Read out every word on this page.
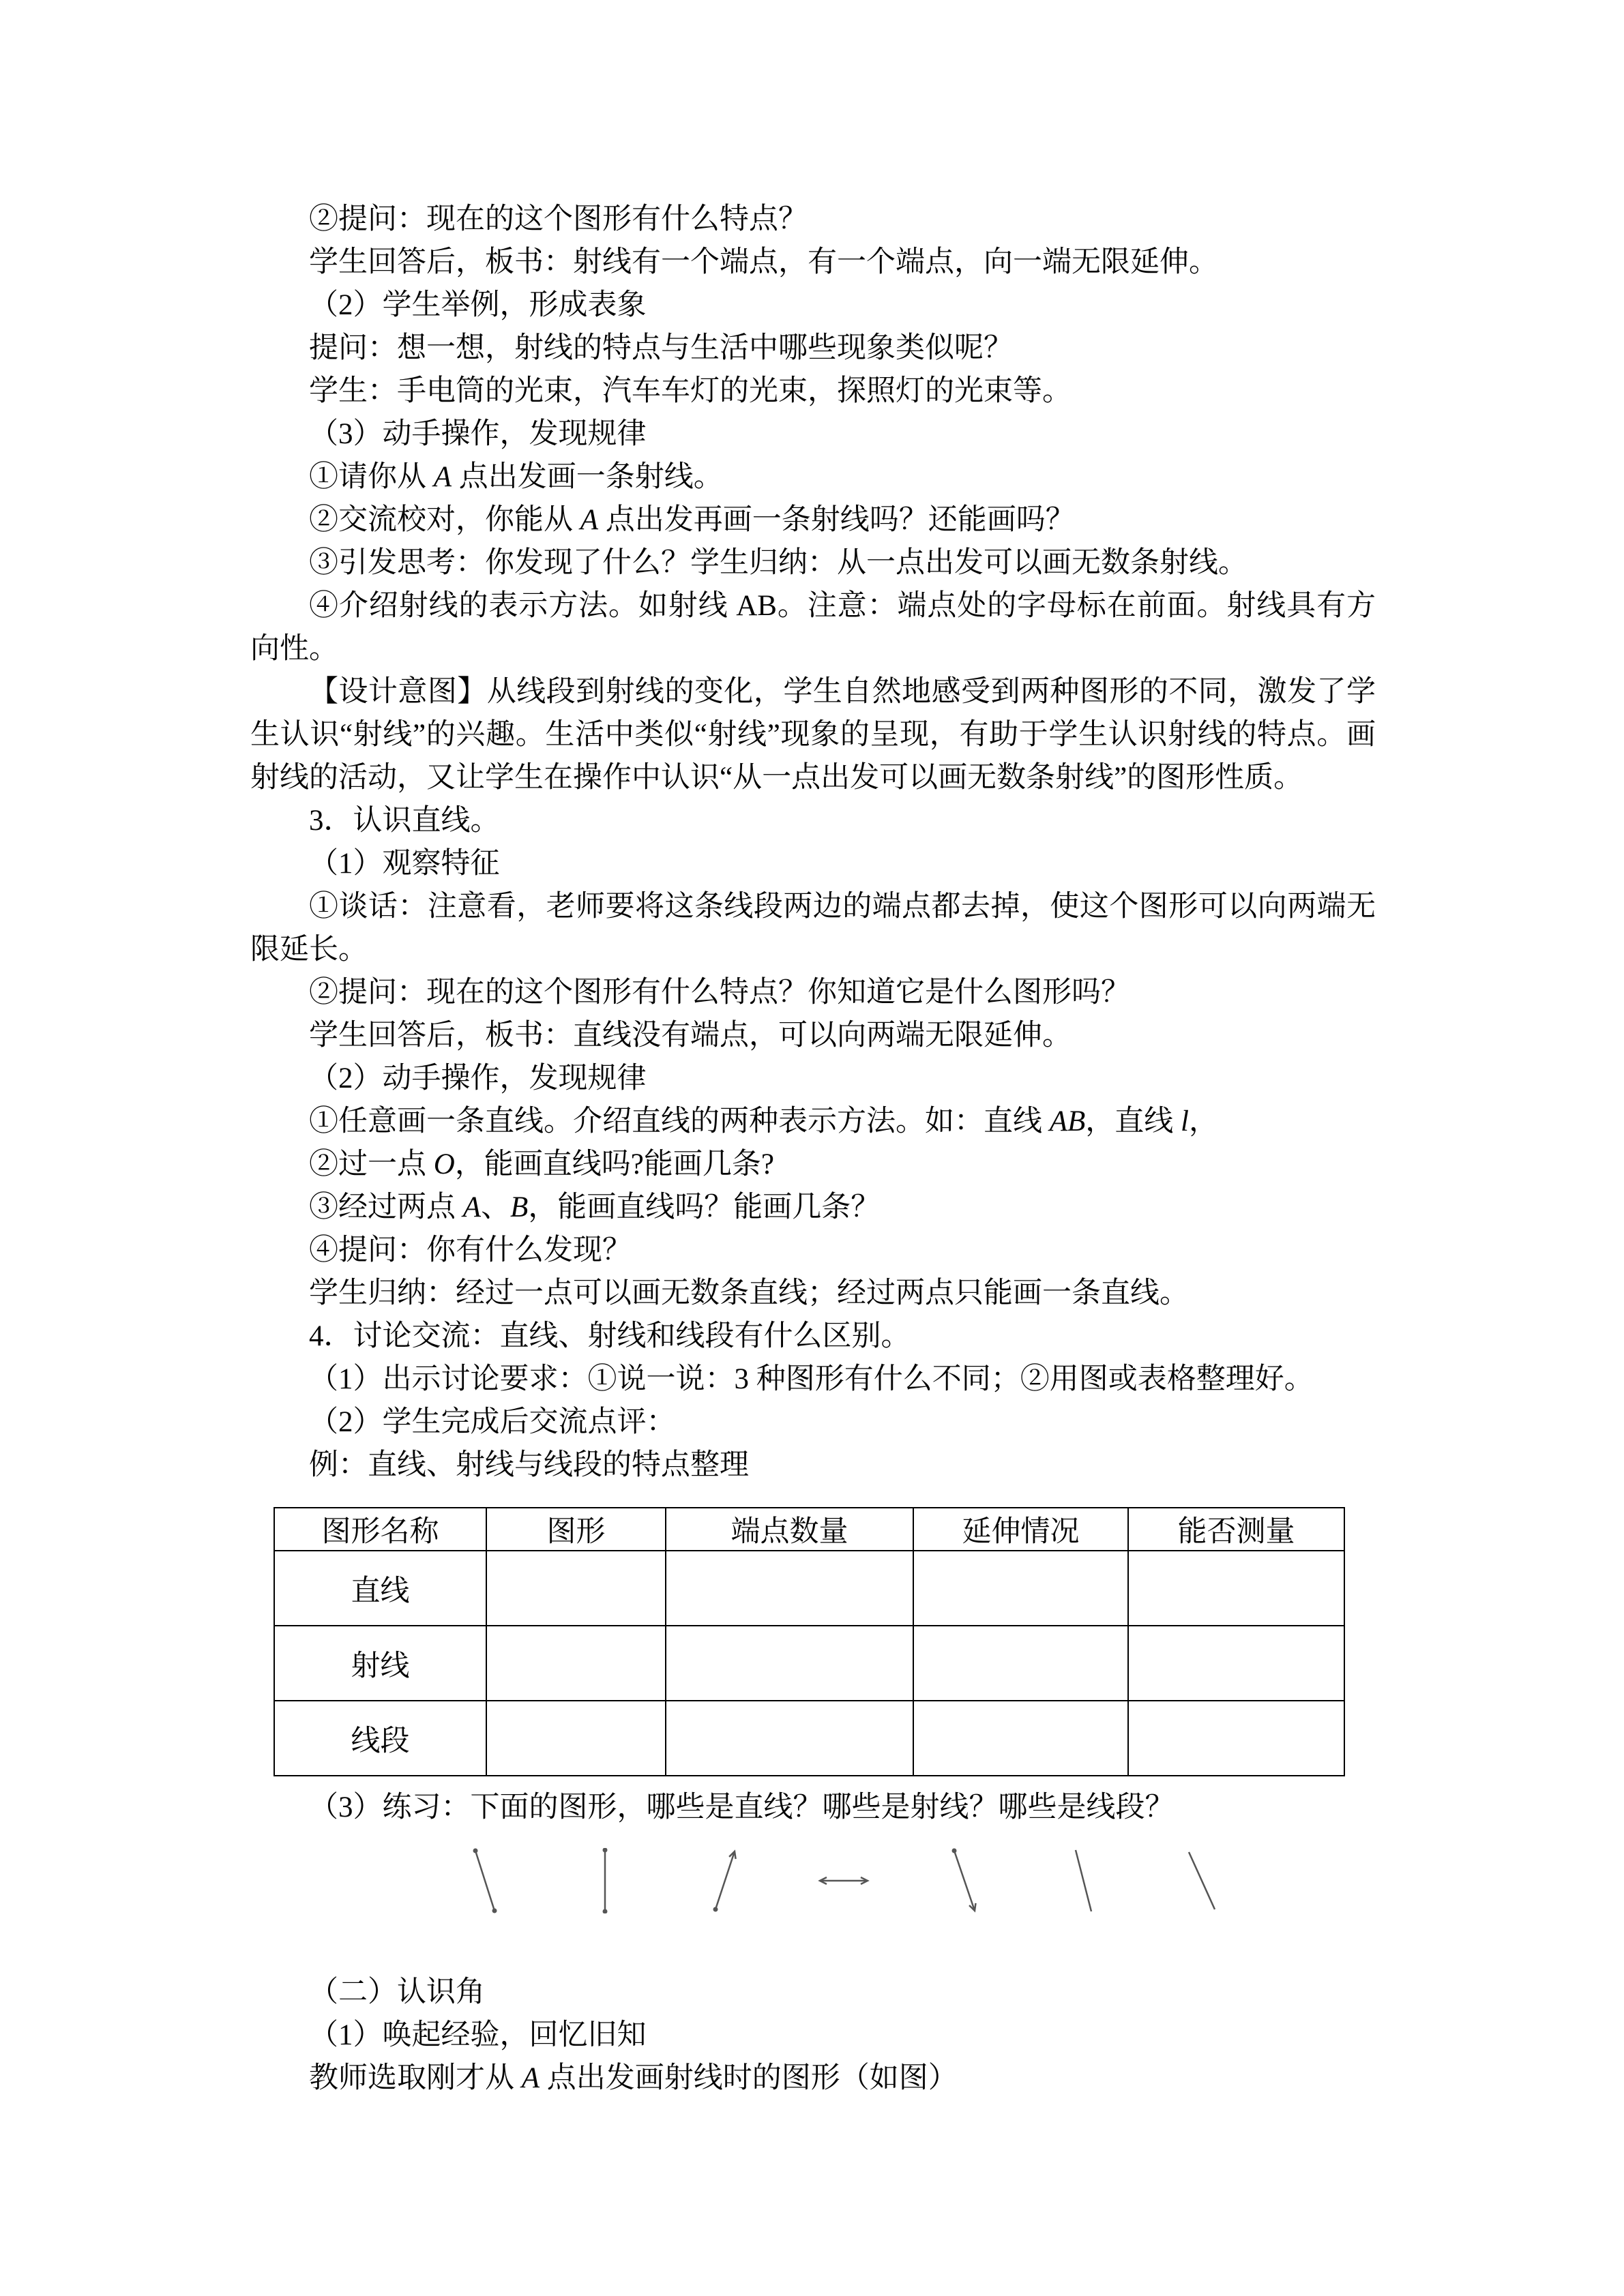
②提问：现在的这个图形有什么特点？

学生回答后，板书：射线有一个端点，有一个端点，向一端无限延伸。

（2）学生举例，形成表象

提问：想一想，射线的特点与生活中哪些现象类似呢？

学生：手电筒的光束，汽车车灯的光束，探照灯的光束等。

（3）动手操作，发现规律

①请你从 A 点出发画一条射线。

②交流校对，你能从 A 点出发再画一条射线吗？还能画吗？

③引发思考：你发现了什么？学生归纳：从一点出发可以画无数条射线。

④介绍射线的表示方法。如射线 AB。注意：端点处的字母标在前面。射线具有方向性。

【设计意图】从线段到射线的变化，学生自然地感受到两种图形的不同，激发了学生认识“射线”的兴趣。生活中类似“射线”现象的呈现，有助于学生认识射线的特点。画射线的活动，又让学生在操作中认识“从一点出发可以画无数条射线”的图形性质。

3．认识直线。

（1）观察特征

①谈话：注意看，老师要将这条线段两边的端点都去掉，使这个图形可以向两端无限延长。

②提问：现在的这个图形有什么特点？你知道它是什么图形吗？

学生回答后，板书：直线没有端点，可以向两端无限延伸。

（2）动手操作，发现规律

①任意画一条直线。介绍直线的两种表示方法。如：直线 AB，直线 l，

②过一点 O，能画直线吗?能画几条?

③经过两点 A、B，能画直线吗？能画几条？

④提问：你有什么发现？

学生归纳：经过一点可以画无数条直线；经过两点只能画一条直线。

4．讨论交流：直线、射线和线段有什么区别。

（1）出示讨论要求：①说一说：3 种图形有什么不同；②用图或表格整理好。

（2）学生完成后交流点评：

例：直线、射线与线段的特点整理

图形名称	图形	端点数量	延伸情况	能否测量
直线				
射线				
线段				

（3）练习：下面的图形，哪些是直线？哪些是射线？哪些是线段？

（二）认识角

（1）唤起经验，回忆旧知

教师选取刚才从 A 点出发画射线时的图形（如图）
